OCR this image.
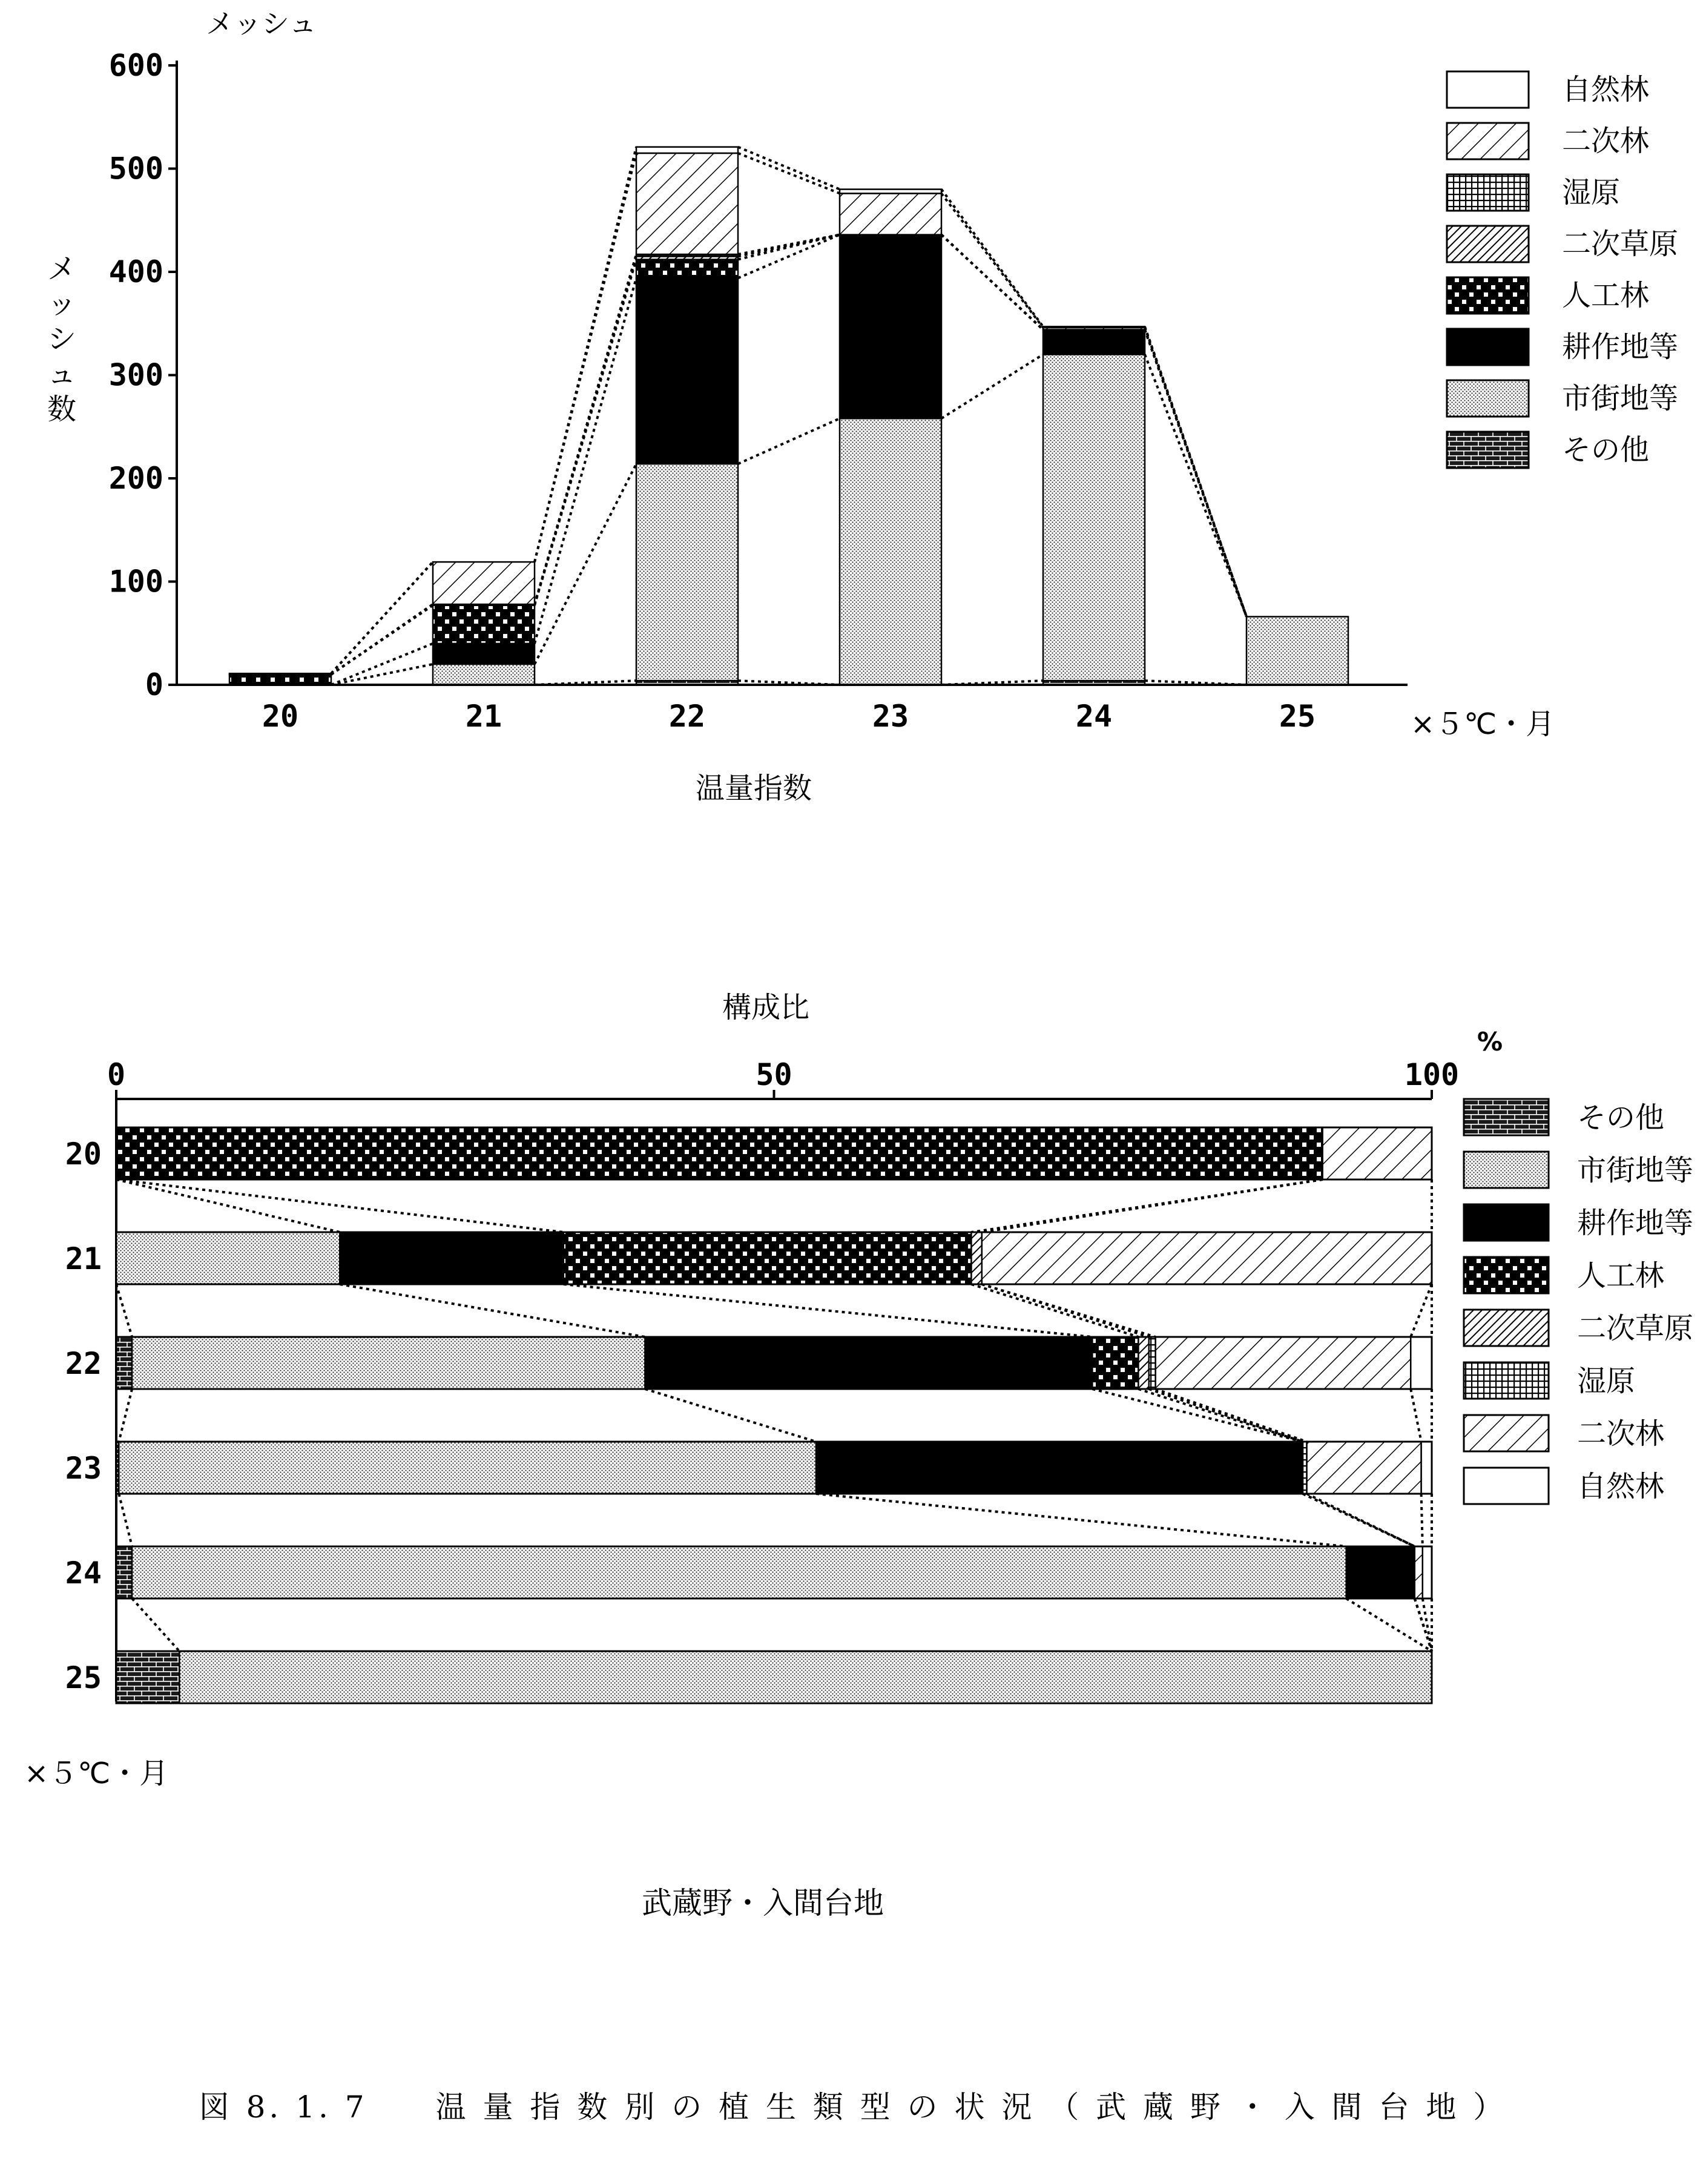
メッシュ
メッシュ数
×５℃・月
温量指数
20	21	22	23	24	25
0
100
200
300
400
500
600
自然林
二次林
湿原
二次草原
人工林
耕作地等
市街地等
その他
構成比
%
×５℃・月
0	50	100
20
21
22
23
24
25
その他
市街地等
耕作地等
人工林
二次草原
湿原
二次林
自然林
武蔵野・入間台地
図 8. 1. 7　　温 量 指 数 別 の 植 生 類 型 の 状 況 （ 武 蔵 野 ・ 入 間 台 地 ）
